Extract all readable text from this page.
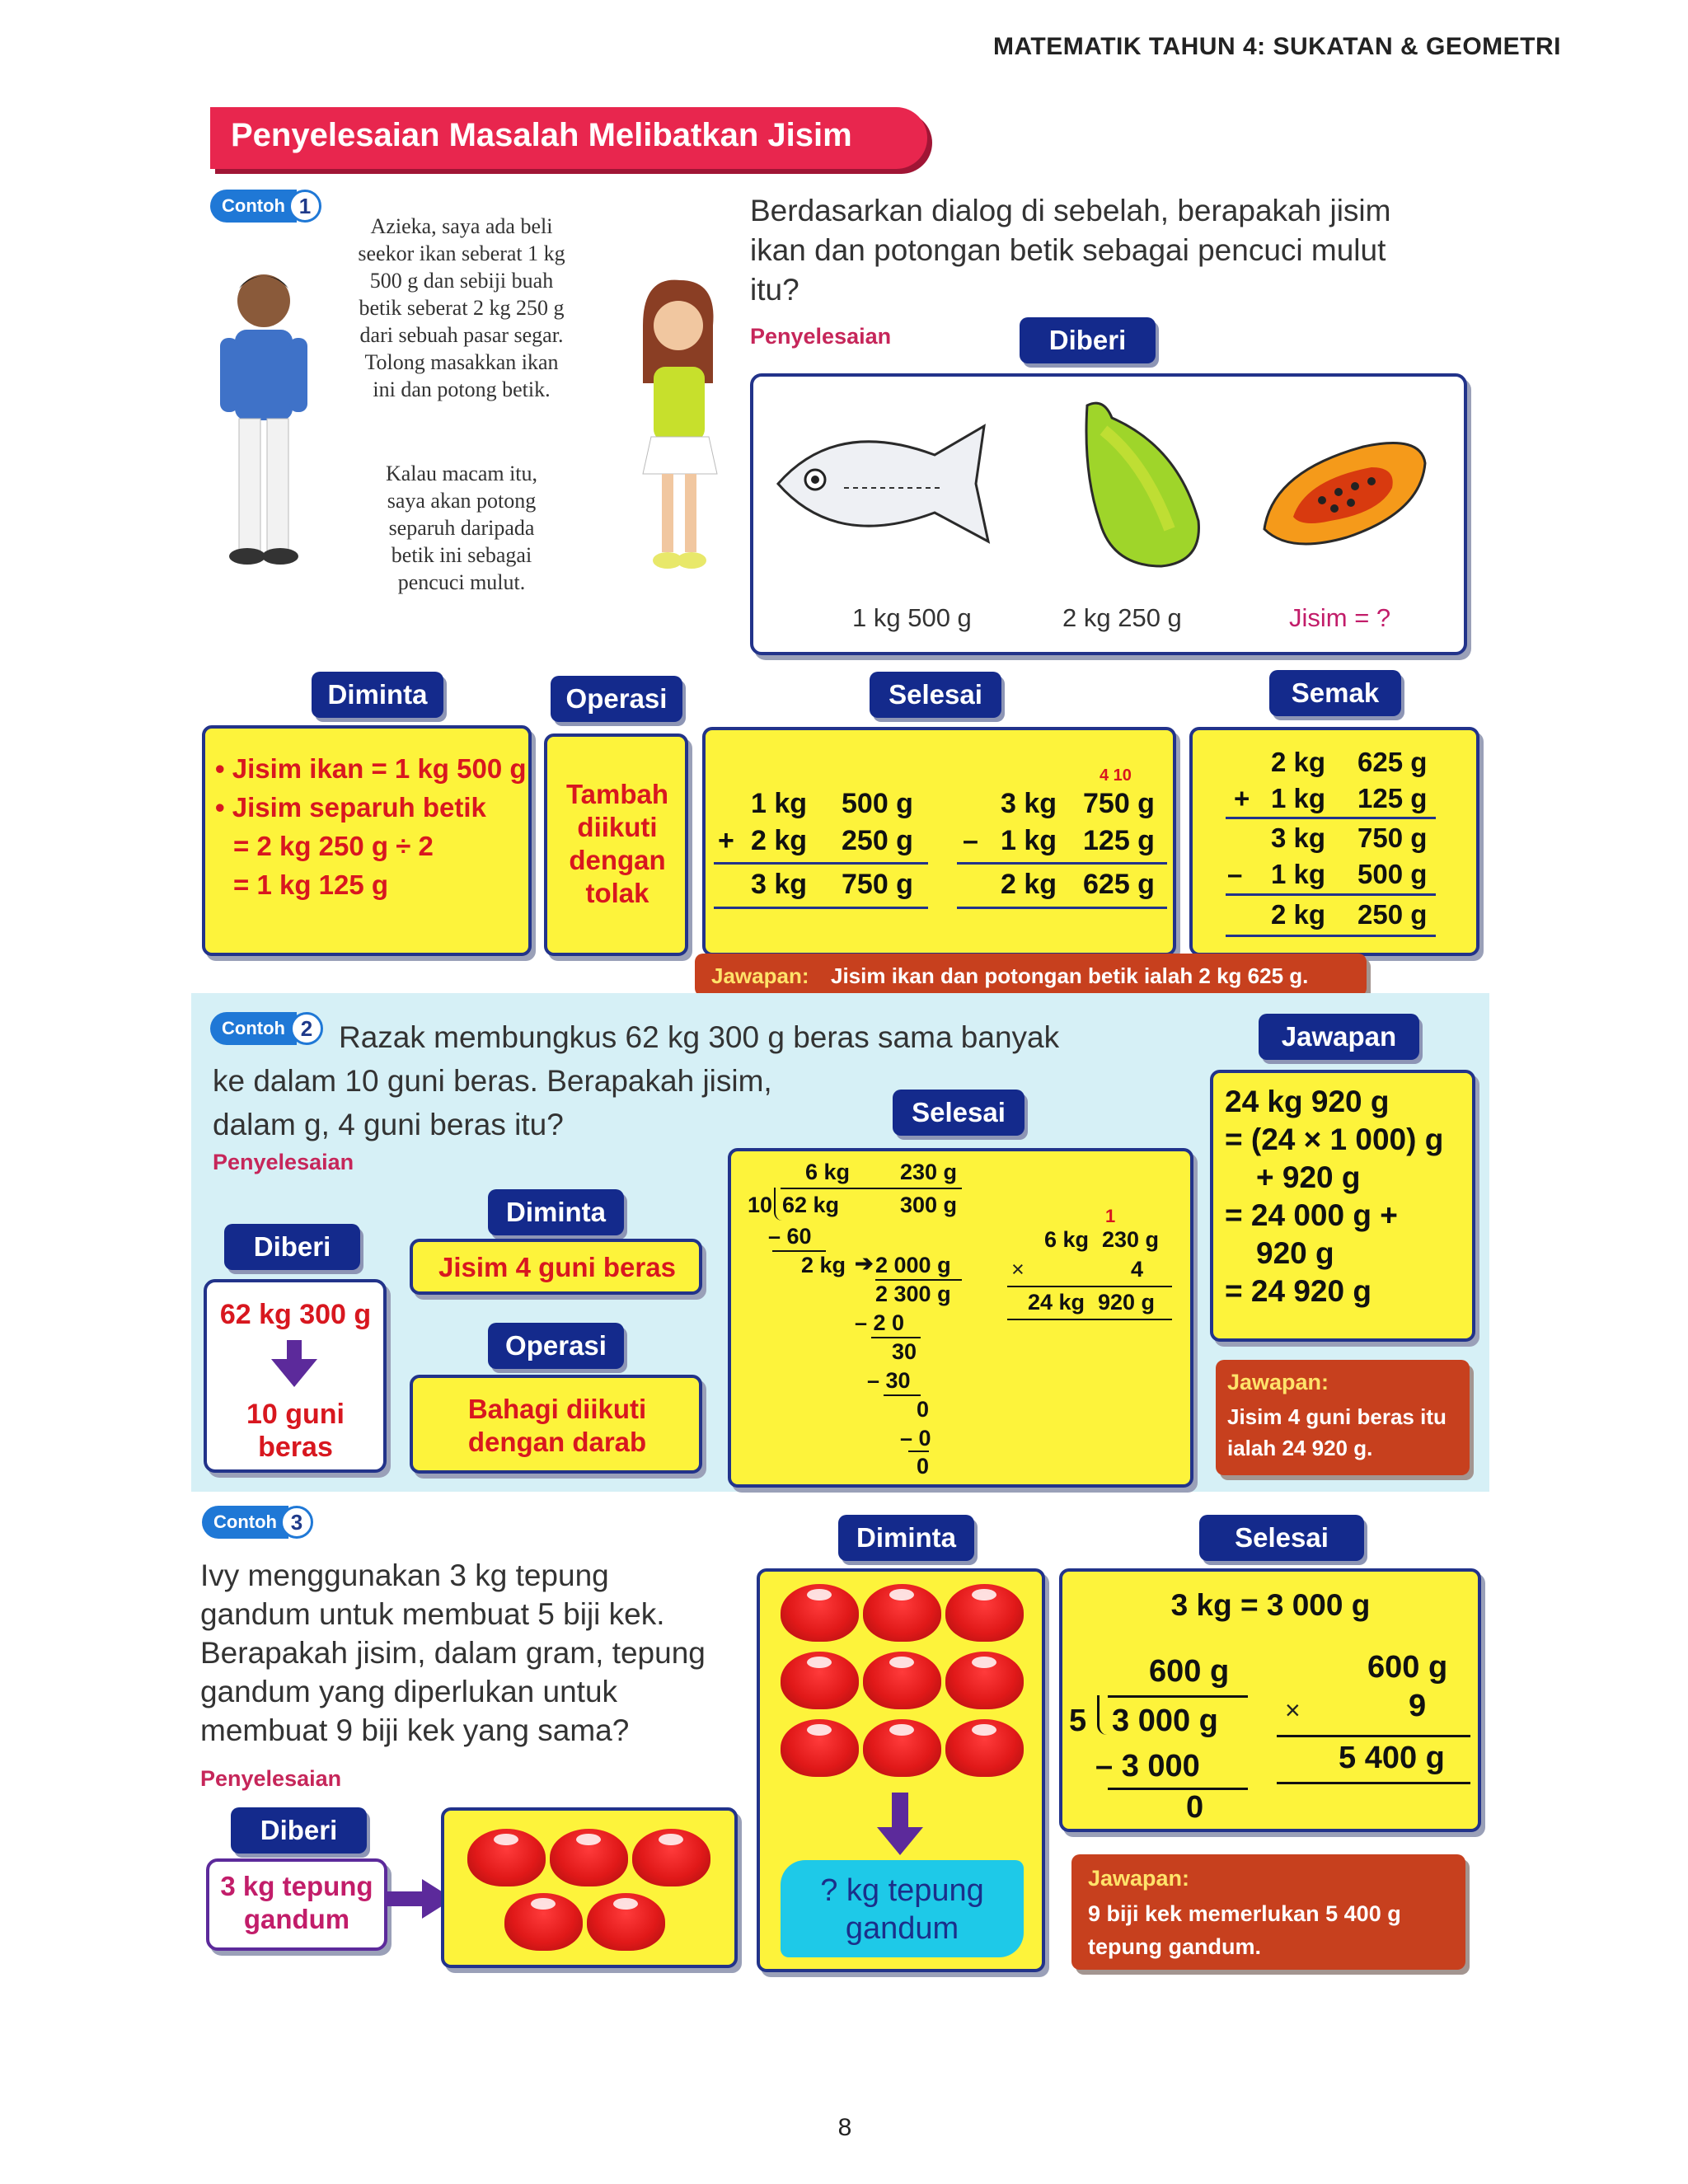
MATEMATIK TAHUN 4: SUKATAN & GEOMETRI
Penyelesaian Masalah Melibatkan Jisim
Contoh 1
Azieka, saya ada beli
seekor ikan seberat 1 kg
500 g dan sebiji buah
betik seberat 2 kg 250 g
dari sebuah pasar segar.
Tolong masakkan ikan
ini dan potong betik.
Kalau macam itu,
saya akan potong
separuh daripada
betik ini sebagai
pencuci mulut.
Berdasarkan dialog di sebelah, berapakah jisim
ikan dan potongan betik sebagai pencuci mulut
itu?
Penyelesaian	Diberi
1 kg 500 g	2 kg 250 g	Jisim = ?
Diminta
• Jisim ikan = 1 kg 500 g
• Jisim separuh betik
= 2 kg 250 g ÷ 2
= 1 kg 125 g
Operasi
Tambah
diikuti
dengan
tolak
Selesai
1 kg 500 g
+ 2 kg 250 g
3 kg 750 g
4 10
3 kg 750 g
– 1 kg 125 g
2 kg 625 g
Semak
2 kg 625 g
+ 1 kg 125 g
3 kg 750 g
– 1 kg 500 g
2 kg 250 g
Jawapan: Jisim ikan dan potongan betik ialah 2 kg 625 g.
Contoh 2 Razak membungkus 62 kg 300 g beras sama banyak
ke dalam 10 guni beras. Berapakah jisim,
dalam g, 4 guni beras itu?
Penyelesaian
Diberi
62 kg 300 g
10 guni
beras
Diminta
Jisim 4 guni beras
Operasi
Bahagi diikuti
dengan darab
Selesai
6 kg 230 g
10 62 kg	300 g
– 60
2 kg ➔ 2 000 g
2 300 g
– 2 0
30
– 30
0
– 0
0
1
6 kg 230 g
×	4
24 kg 920 g
Jawapan
24 kg 920 g
= (24 × 1 000) g
+ 920 g
= 24 000 g +
920 g
= 24 920 g
Jawapan:
Jisim 4 guni beras itu
ialah 24 920 g.
Contoh 3
Ivy menggunakan 3 kg tepung
gandum untuk membuat 5 biji kek.
Berapakah jisim, dalam gram, tepung
gandum yang diperlukan untuk
membuat 9 biji kek yang sama?
Penyelesaian
Diberi
3 kg tepung
gandum
Diminta
? kg tepung
gandum
Selesai
3 kg = 3 000 g
600 g
5 3 000 g
– 3 000
0
600 g
×	9
5 400 g
Jawapan:
9 biji kek memerlukan 5 400 g
tepung gandum.
8
